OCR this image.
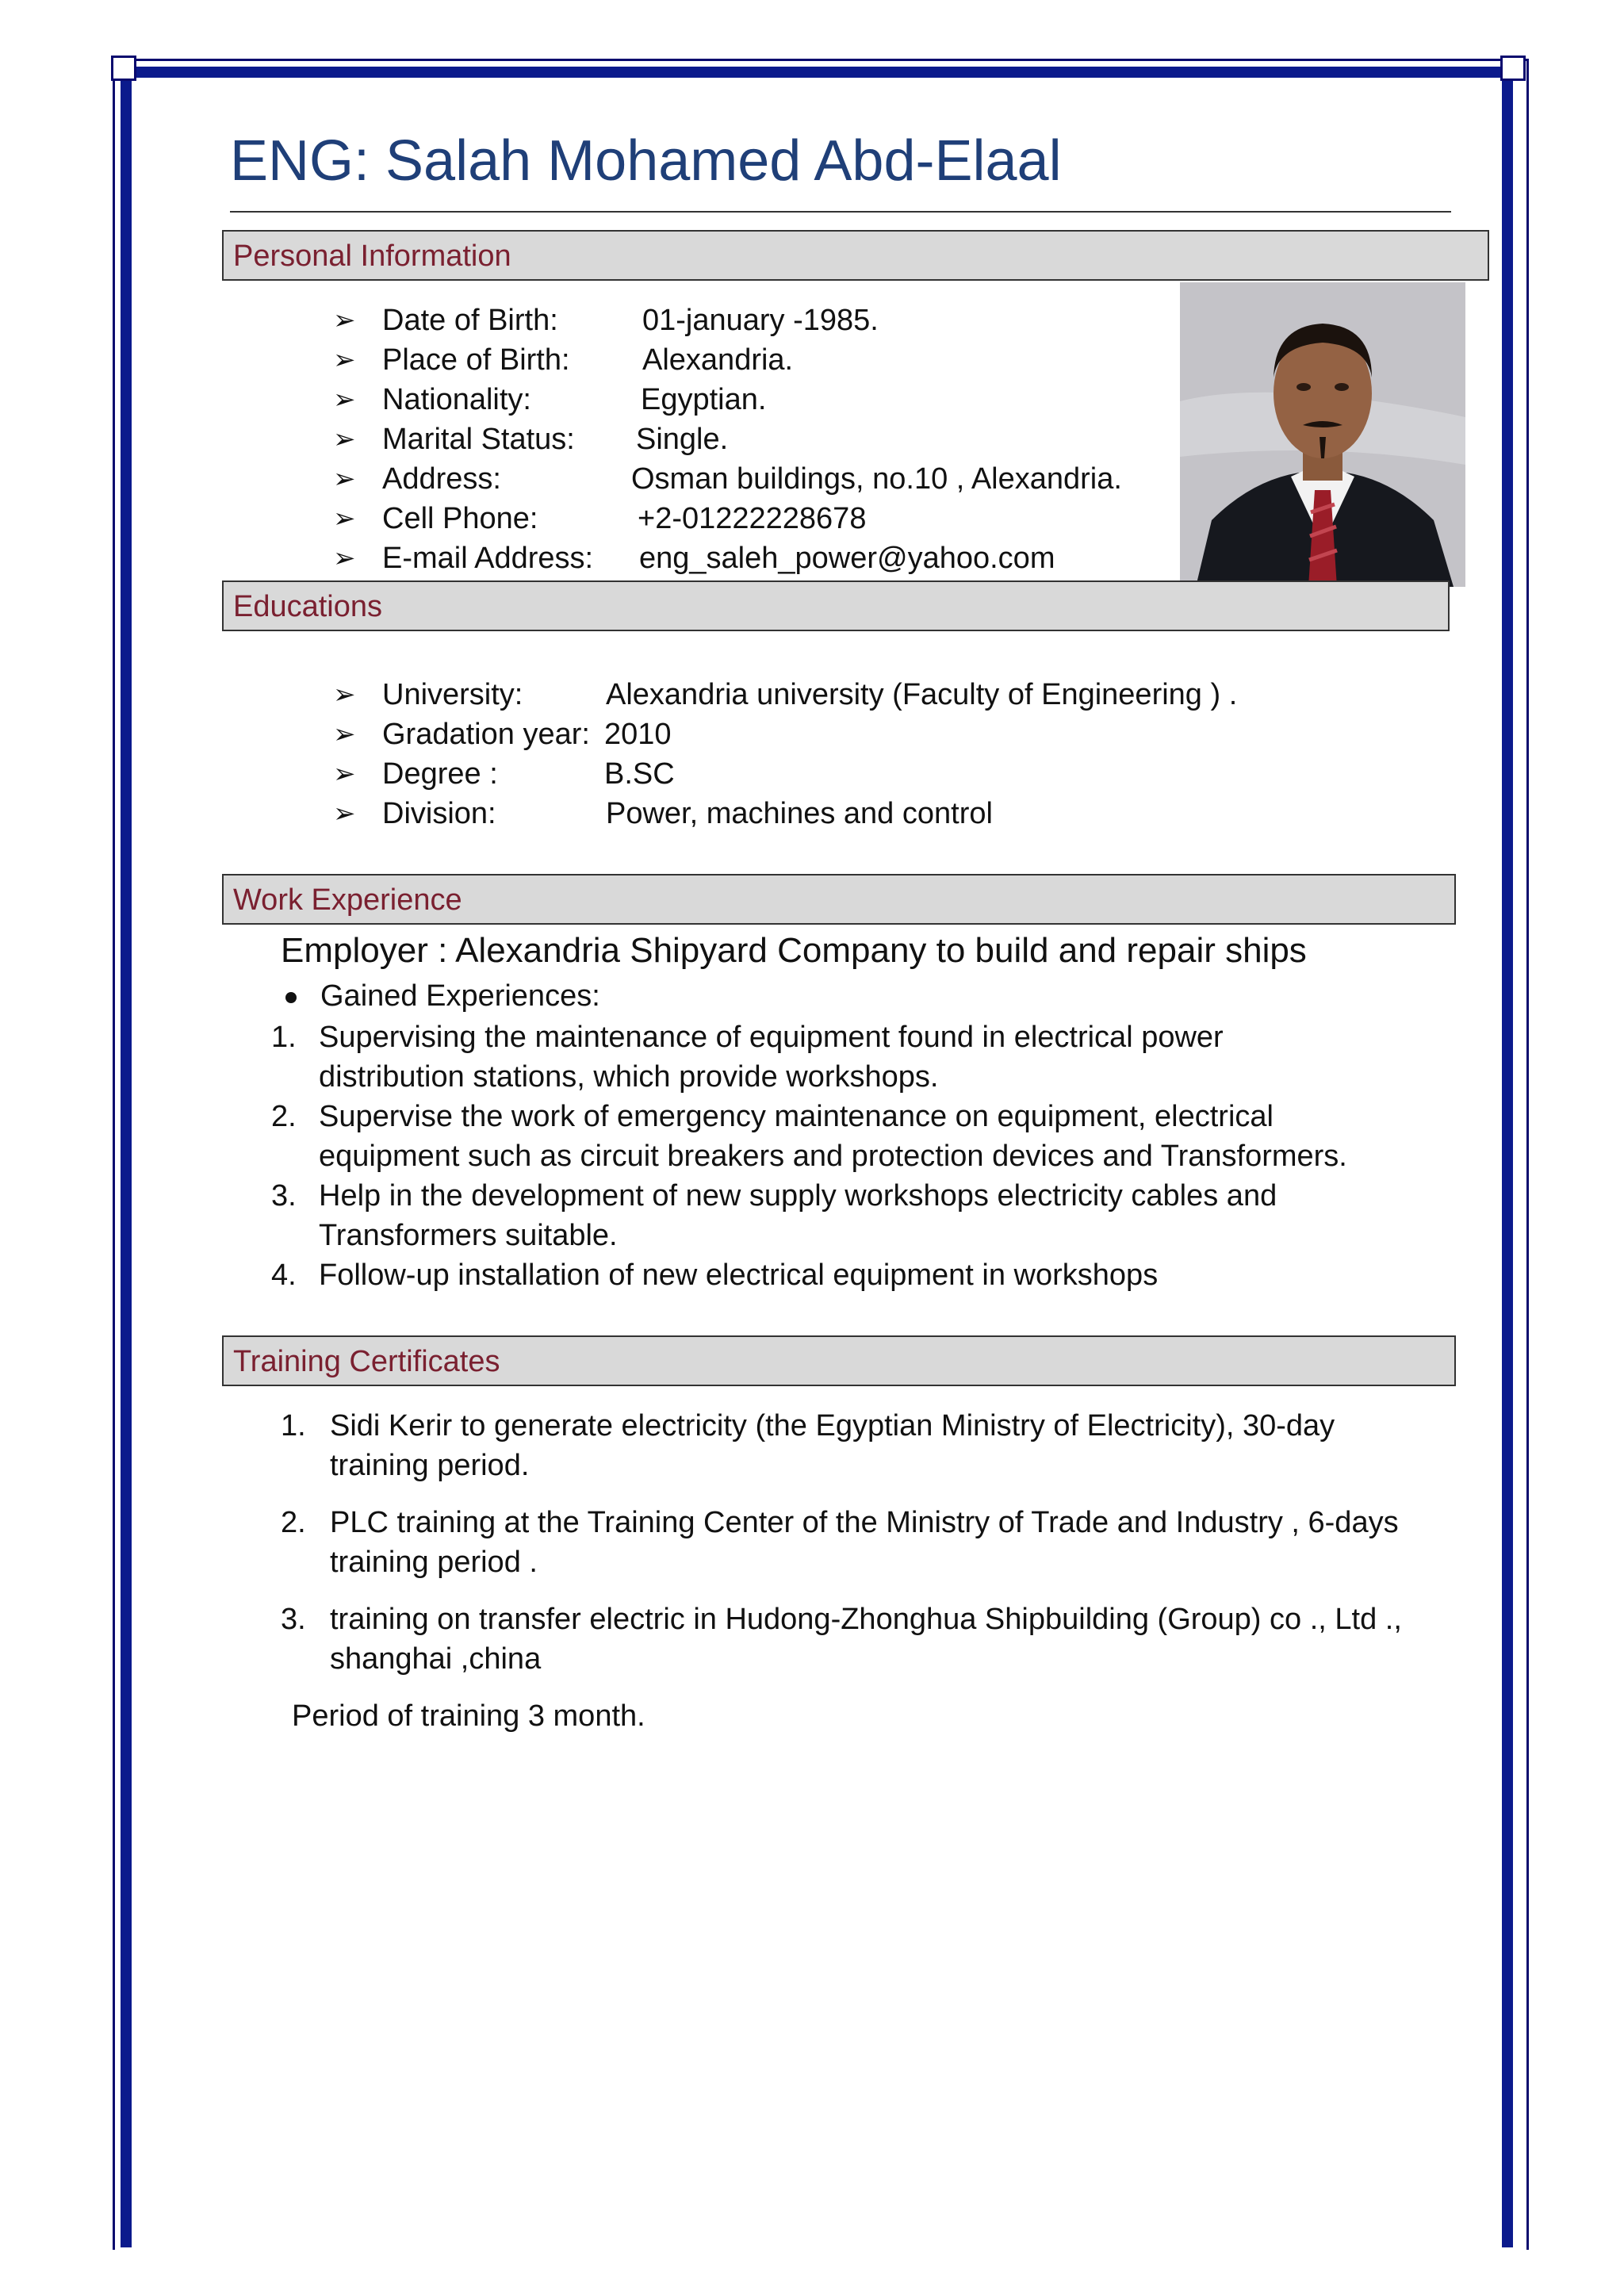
ENG: Salah Mohamed Abd-Elaal
Personal Information
➢ Date of Birth:	01-january -1985.
➢ Place of Birth: Alexandria.
➢ Nationality:	Egyptian.
➢ Marital Status: Single.
➢ Address:	Osman buildings, no.10 , Alexandria.
➢ Cell Phone:	+2-01222228678
➢ E-mail Address: eng_saleh_power@yahoo.com
Educations
➢ University:	Alexandria university (Faculty of Engineering ) .
➢ Gradation year: 2010
➢ Degree :	B.SC
➢ Division:	Power, machines and control
Work Experience
Employer : Alexandria Shipyard Company to build and repair ships
Gained Experiences:
1. Supervising the maintenance of equipment found in electrical power
distribution stations, which provide workshops.
2. Supervise the work of emergency maintenance on equipment, electrical
equipment such as circuit breakers and protection devices and Transformers.
3. Help in the development of new supply workshops electricity cables and
Transformers suitable.
4. Follow-up installation of new electrical equipment in workshops
Training Certificates
1. Sidi Kerir to generate electricity (the Egyptian Ministry of Electricity), 30-day
training period.
2. PLC training at the Training Center of the Ministry of Trade and Industry , 6-days
training period .
3. training on transfer electric in Hudong-Zhonghua Shipbuilding (Group) co ., Ltd .,
shanghai ,china
Period of training 3 month.
